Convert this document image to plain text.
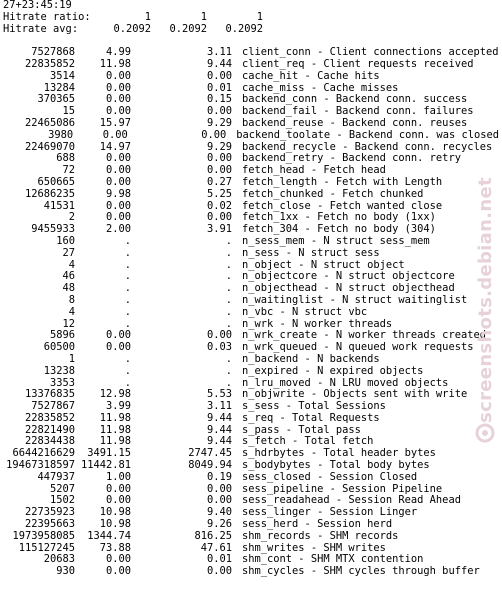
27+23:45:19
Hitrate ratio:	1	1	1
Hitrate avg:	0.2092	0.2092	0.2092
7527868	4.99	3.11 client_conn - Client connections accepted
22835852	11.98	9.44 client_req - Client requests received
3514	0.00	0.00 cache_hit - Cache hits
13284	0.00	0.01 cache_miss - Cache misses
370365	0.00	0.15 backend_conn - Backend conn. success
15	0.00	0.00 backend_fail - Backend conn. failures
22465086	15.97	9.29 backend_reuse - Backend conn. reuses
3980	0.00	0.00 backend_toolate - Backend conn. was closed
22469070	14.97	9.29 backend_recycle - Backend conn. recycles
688	0.00	0.00 backend_retry - Backend conn. retry
72	0.00	0.00 fetch_head - Fetch head
650665	0.00	0.27 fetch_length - Fetch with Length
12686235	9.98	5.25 fetch_chunked - Fetch chunked
41531	0.00	0.02 fetch_close - Fetch wanted close
2	0.00	0.00 fetch_1xx - Fetch no body (1xx)
9455933	2.00	3.91 fetch_304 - Fetch no body (304)
160	.	. n_sess_mem - N struct sess_mem
27	.	. n_sess - N struct sess
4	.	. n_object - N struct object
46	.	. n_objectcore - N struct objectcore
48	.	. n_objecthead - N struct objecthead
8	.	. n_waitinglist - N struct waitinglist
4	.	. n_vbc - N struct vbc
12	.	. n_wrk - N worker threads
5896	0.00	0.00 n_wrk_create - N worker threads created
60500	0.00	0.03 n_wrk_queued - N queued work requests
1	.	. n_backend - N backends
13238	.	. n_expired - N expired objects
3353	.	. n_lru_moved - N LRU moved objects
13376835	12.98	5.53 n_objwrite - Objects sent with write
7527867	3.99	3.11 s_sess - Total Sessions
22835852	11.98	9.44 s_req - Total Requests
22821490	11.98	9.44 s_pass - Total pass
22834438	11.98	9.44 s_fetch - Total fetch
6644216629	3491.15	2747.45 s_hdrbytes - Total header bytes
19467318597 11442.81	8049.94 s_bodybytes - Total body bytes
447937	1.00	0.19 sess_closed - Session Closed
5207	0.00	0.00 sess_pipeline - Session Pipeline
1502	0.00	0.00 sess_readahead - Session Read Ahead
22735923	10.98	9.40 sess_linger - Session Linger
22395663	10.98	9.26 sess_herd - Session herd
1973958085	1344.74	816.25 shm_records - SHM records
115127245	73.88	47.61 shm_writes - SHM writes
20683	0.00	0.01 shm_cont - SHM MTX contention
930	0.00	0.00 shm_cycles - SHM cycles through buffer
screenshots.debian.net
